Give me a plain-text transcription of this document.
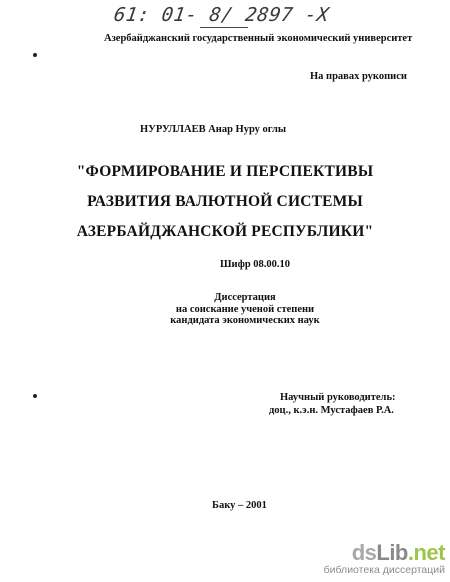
61: 01- 8/ 2897 -X
Азербайджанский государственный экономический университет
На правах рукописи
НУРУЛЛАЕВ Анар Нуру оглы
"ФОРМИРОВАНИЕ И ПЕРСПЕКТИВЫ
РАЗВИТИЯ ВАЛЮТНОЙ СИСТЕМЫ
АЗЕРБАЙДЖАНСКОЙ РЕСПУБЛИКИ"
Шифр 08.00.10
Диссертация
на соискание ученой степени
кандидата экономических наук
Научный руководитель:
доц., к.э.н. Мустафаев Р.А.
Баку – 2001
dsLib.net
библиотека диссертаций
